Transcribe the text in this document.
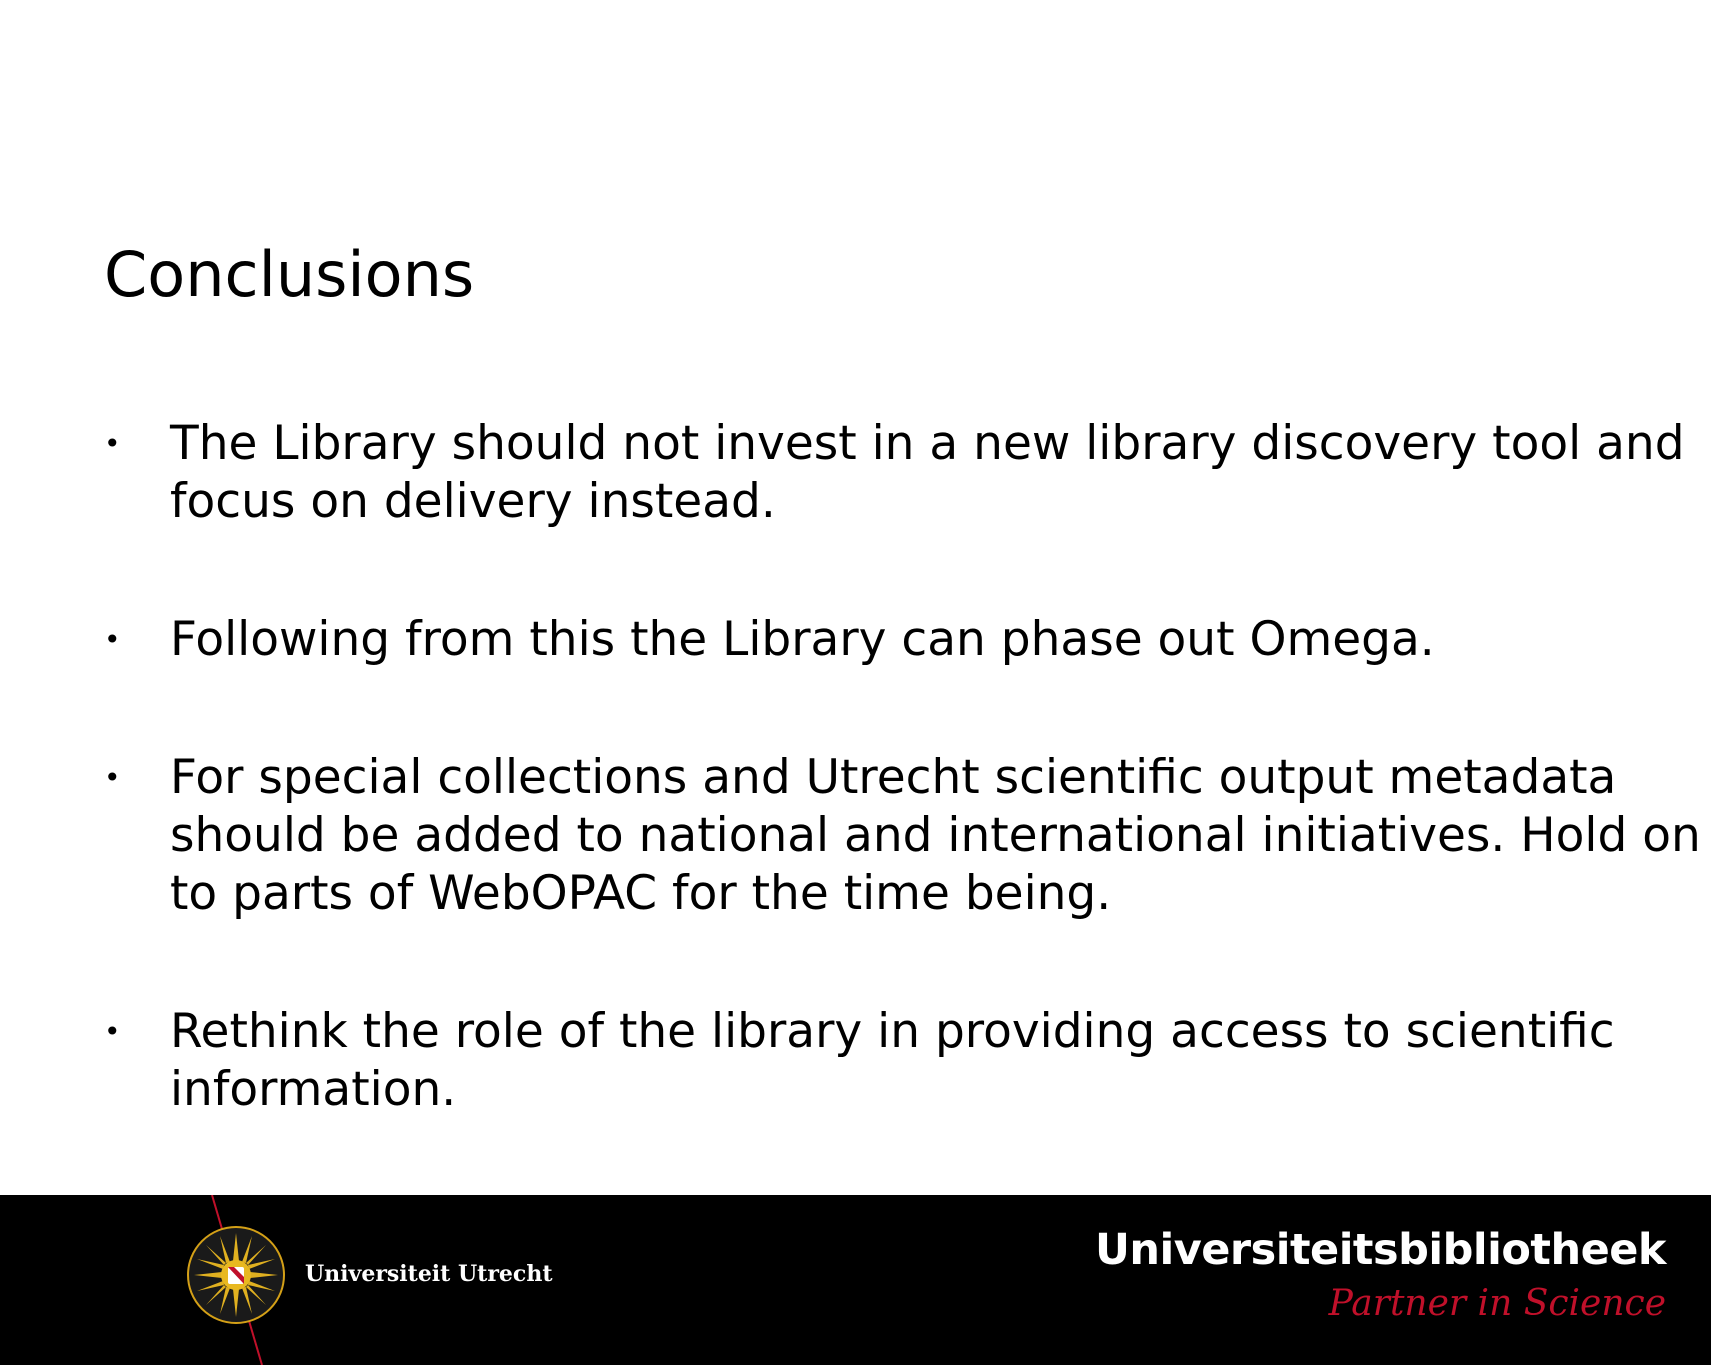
Conclusions
• The Library should not invest in a new library discovery tool and focus on delivery instead.
• Following from this the Library can phase out Omega.
• For special collections and Utrecht scientific output metadata should be added to national and international initiatives. Hold on to parts of WebOPAC for the time being.
• Rethink the role of the library in providing access to scientific information.
Universiteit Utrecht	Universiteitsbibliotheek
Partner in Science
